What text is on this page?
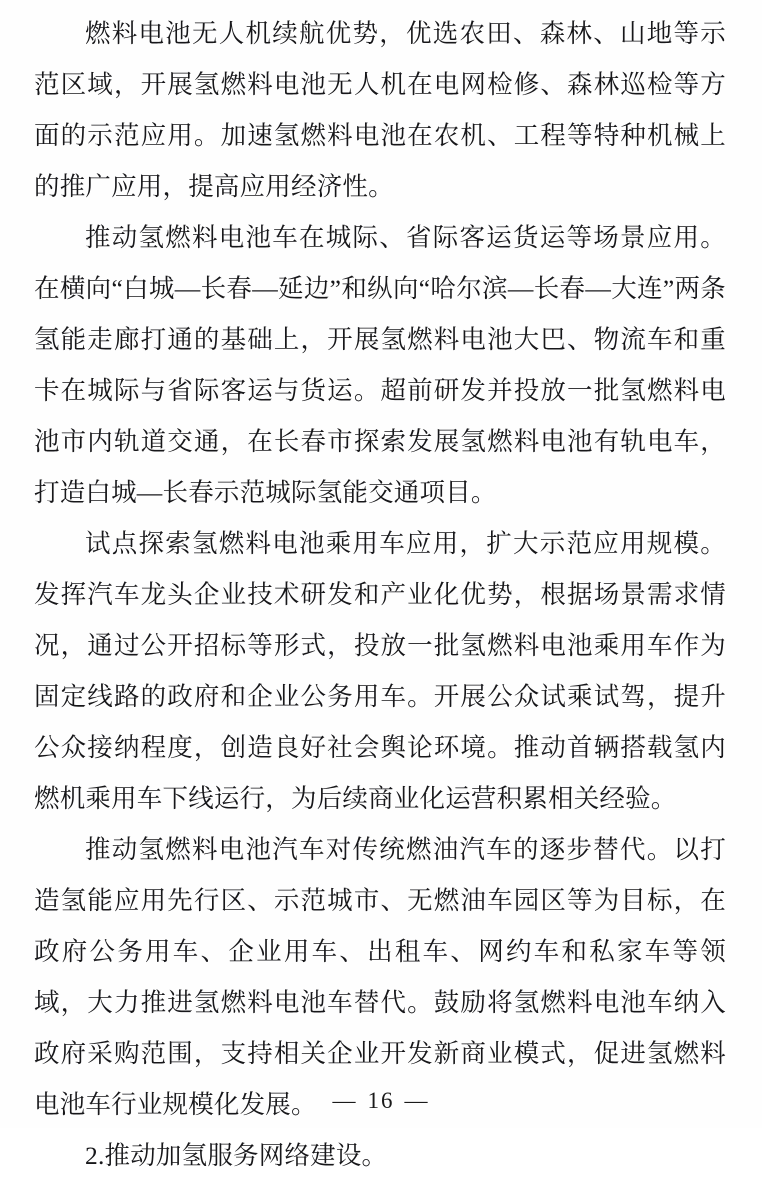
燃料电池无人机续航优势，优选农田、森林、山地等示范区域，开展氢燃料电池无人机在电网检修、森林巡检等方面的示范应用。加速氢燃料电池在农机、工程等特种机械上的推广应用，提高应用经济性。

推动氢燃料电池车在城际、省际客运货运等场景应用。在横向“白城—长春—延边”和纵向“哈尔滨—长春—大连”两条氢能走廊打通的基础上，开展氢燃料电池大巴、物流车和重卡在城际与省际客运与货运。超前研发并投放一批氢燃料电池市内轨道交通，在长春市探索发展氢燃料电池有轨电车，打造白城—长春示范城际氢能交通项目。

试点探索氢燃料电池乘用车应用，扩大示范应用规模。发挥汽车龙头企业技术研发和产业化优势，根据场景需求情况，通过公开招标等形式，投放一批氢燃料电池乘用车作为固定线路的政府和企业公务用车。开展公众试乘试驾，提升公众接纳程度，创造良好社会舆论环境。推动首辆搭载氢内燃机乘用车下线运行，为后续商业化运营积累相关经验。

推动氢燃料电池汽车对传统燃油汽车的逐步替代。以打造氢能应用先行区、示范城市、无燃油车园区等为目标，在政府公务用车、企业用车、出租车、网约车和私家车等领域，大力推进氢燃料电池车替代。鼓励将氢燃料电池车纳入政府采购范围，支持相关企业开发新商业模式，促进氢燃料电池车行业规模化发展。

2.推动加氢服务网络建设。

— 16 —
